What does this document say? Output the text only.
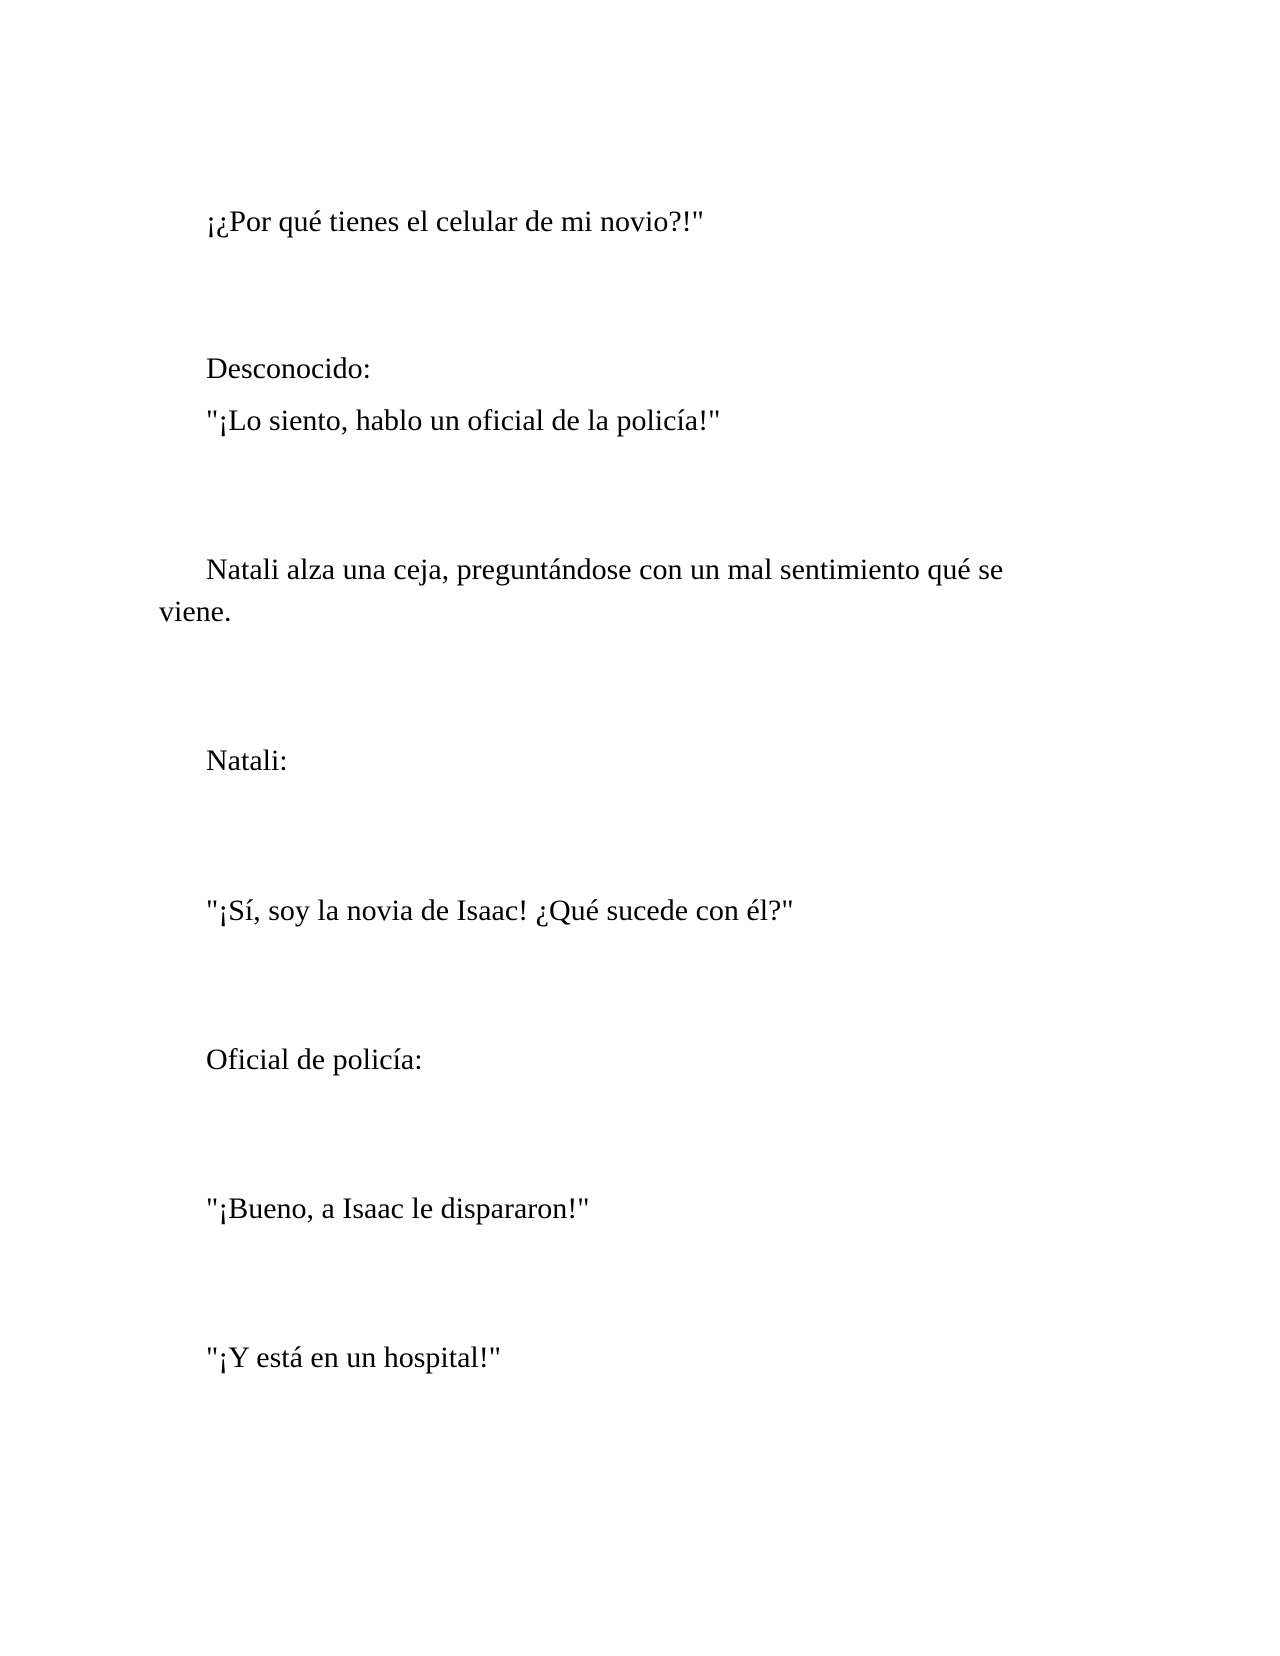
¡¿Por qué tienes el celular de mi novio?!"
Desconocido:
"¡Lo siento, hablo un oficial de la policía!"
Natali alza una ceja, preguntándose con un mal sentimiento qué se
viene.
Natali:
"¡Sí, soy la novia de Isaac! ¿Qué sucede con él?"
Oficial de policía:
"¡Bueno, a Isaac le dispararon!"
"¡Y está en un hospital!"
